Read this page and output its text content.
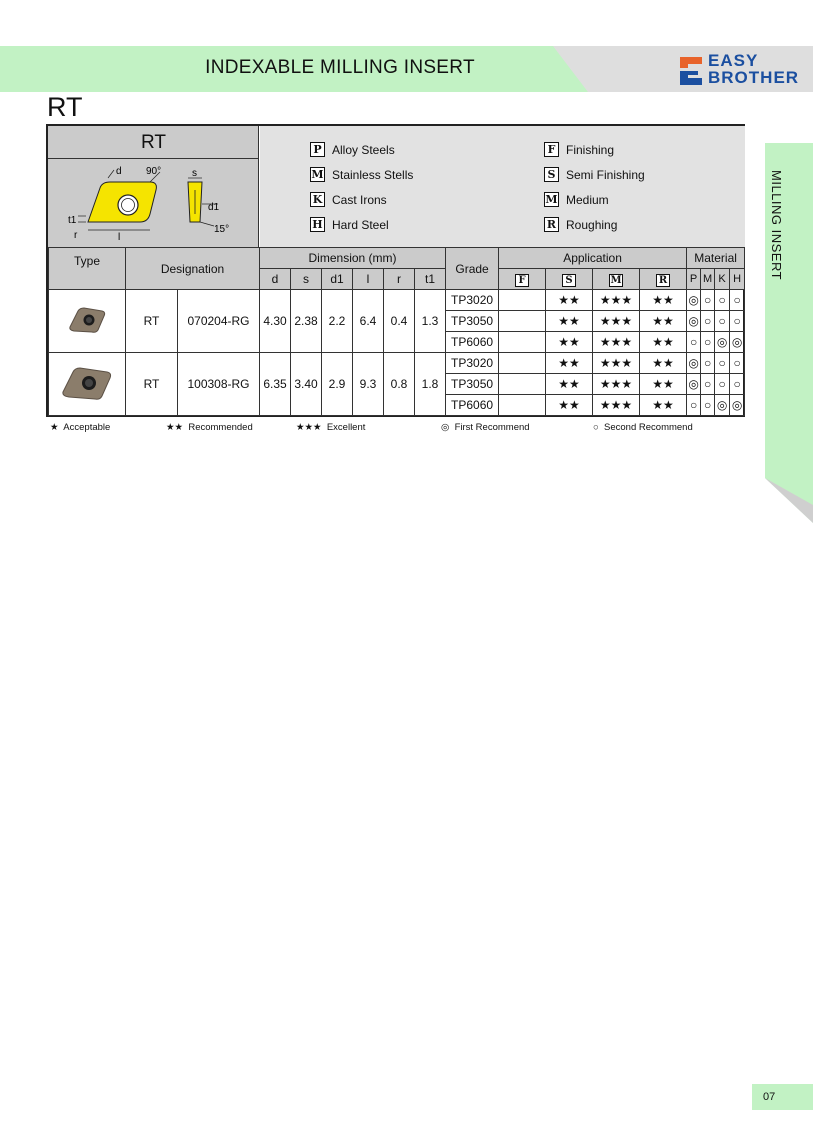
INDEXABLE MILLING INSERT	EASY
BROTHER
RT
MILLING INSERT
RT
d 90°	s
d1
t1
r	l
15°
P Alloy Steels
M Stainless Stells
K Cast Irons
H Hard Steel
F Finishing
S Semi Finishing
M Medium
R Roughing
Type	Designation		Dimension (mm)						Grade	Application				Material			
			d	s	d1	l	r	t1		F	S	M	R	P	M	K	H
	RT	070204-RG	4.30	2.38	2.2	6.4	0.4	1.3	TP3020		★★	★★★	★★	◎	○	○	○
									TP3050		★★	★★★	★★	◎	○	○	○
									TP6060		★★	★★★	★★	○	○	◎	◎
	RT	100308-RG	6.35	3.40	2.9	9.3	0.8	1.8	TP3020		★★	★★★	★★	◎	○	○	○
									TP3050		★★	★★★	★★	◎	○	○	○
									TP6060		★★	★★★	★★	○	○	◎	◎
★ Acceptable	★★ Recommended	★★★ Excellent	◎ First Recommend	○ Second Recommend
07
